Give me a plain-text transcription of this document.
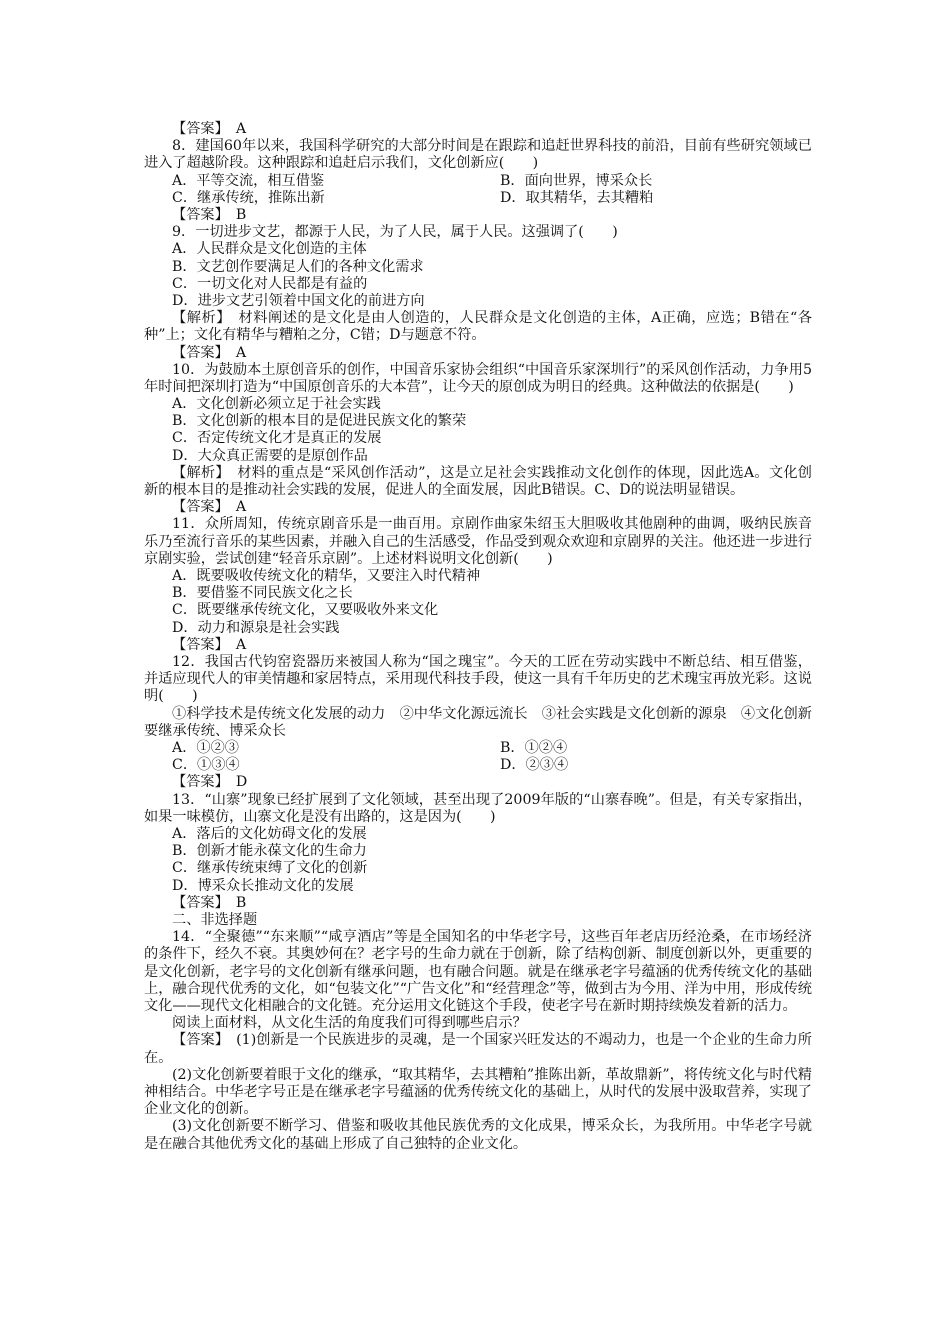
【答案】　A
8．建国60年以来，我国科学研究的大部分时间是在跟踪和追赶世界科技的前沿，目前有些研究领域已进入了超越阶段。这种跟踪和追赶启示我们，文化创新应(　　)
A．平等交流，相互借鉴	B．面向世界，博采众长
C．继承传统，推陈出新	D．取其精华，去其糟粕
【答案】　B
9．一切进步文艺，都源于人民，为了人民，属于人民。这强调了(　　)
A．人民群众是文化创造的主体
B．文艺创作要满足人们的各种文化需求
C．一切文化对人民都是有益的
D．进步文艺引领着中国文化的前进方向
【解析】　材料阐述的是文化是由人创造的，人民群众是文化创造的主体，A正确，应选；B错在“各种”上；文化有精华与糟粕之分，C错；D与题意不符。
【答案】　A
10．为鼓励本土原创音乐的创作，中国音乐家协会组织“中国音乐家深圳行”的采风创作活动，力争用5年时间把深圳打造为“中国原创音乐的大本营”，让今天的原创成为明日的经典。这种做法的依据是(　　)
A．文化创新必须立足于社会实践
B．文化创新的根本目的是促进民族文化的繁荣
C．否定传统文化才是真正的发展
D．大众真正需要的是原创作品
【解析】　材料的重点是“采风创作活动”，这是立足社会实践推动文化创作的体现，因此选A。文化创新的根本目的是推动社会实践的发展，促进人的全面发展，因此B错误。C、D的说法明显错误。
【答案】　A
11．众所周知，传统京剧音乐是一曲百用。京剧作曲家朱绍玉大胆吸收其他剧种的曲调，吸纳民族音乐乃至流行音乐的某些因素，并融入自己的生活感受，作品受到观众欢迎和京剧界的关注。他还进一步进行京剧实验，尝试创建“轻音乐京剧”。上述材料说明文化创新(　　)
A．既要吸收传统文化的精华，又要注入时代精神
B．要借鉴不同民族文化之长
C．既要继承传统文化，又要吸收外来文化
D．动力和源泉是社会实践
【答案】　A
12．我国古代钧窑瓷器历来被国人称为“国之瑰宝”。今天的工匠在劳动实践中不断总结、相互借鉴，并适应现代人的审美情趣和家居特点，采用现代科技手段，使这一具有千年历史的艺术瑰宝再放光彩。这说明(　　)
①科学技术是传统文化发展的动力　②中华文化源远流长　③社会实践是文化创新的源泉　④文化创新要继承传统、博采众长
A．①②③	B．①②④
C．①③④	D．②③④
【答案】　D
13．“山寨”现象已经扩展到了文化领域，甚至出现了2009年版的“山寨春晚”。但是，有关专家指出，如果一味模仿，山寨文化是没有出路的，这是因为(　　)
A．落后的文化妨碍文化的发展
B．创新才能永葆文化的生命力
C．继承传统束缚了文化的创新
D．博采众长推动文化的发展
【答案】　B
二、非选择题
14．“全聚德”“东来顺”“咸亨酒店”等是全国知名的中华老字号，这些百年老店历经沧桑，在市场经济的条件下，经久不衰。其奥妙何在？老字号的生命力就在于创新，除了结构创新、制度创新以外，更重要的是文化创新，老字号的文化创新有继承问题，也有融合问题。就是在继承老字号蕴涵的优秀传统文化的基础上，融合现代优秀的文化，如“包装文化”“广告文化”和“经营理念”等，做到古为今用、洋为中用，形成传统文化——现代文化相融合的文化链。充分运用文化链这个手段，使老字号在新时期持续焕发着新的活力。
阅读上面材料，从文化生活的角度我们可得到哪些启示？
【答案】　(1)创新是一个民族进步的灵魂，是一个国家兴旺发达的不竭动力，也是一个企业的生命力所在。
(2)文化创新要着眼于文化的继承，“取其精华，去其糟粕”推陈出新，革故鼎新”，将传统文化与时代精神相结合。中华老字号正是在继承老字号蕴涵的优秀传统文化的基础上，从时代的发展中汲取营养，实现了企业文化的创新。
(3)文化创新要不断学习、借鉴和吸收其他民族优秀的文化成果，博采众长，为我所用。中华老字号就是在融合其他优秀文化的基础上形成了自己独特的企业文化。
